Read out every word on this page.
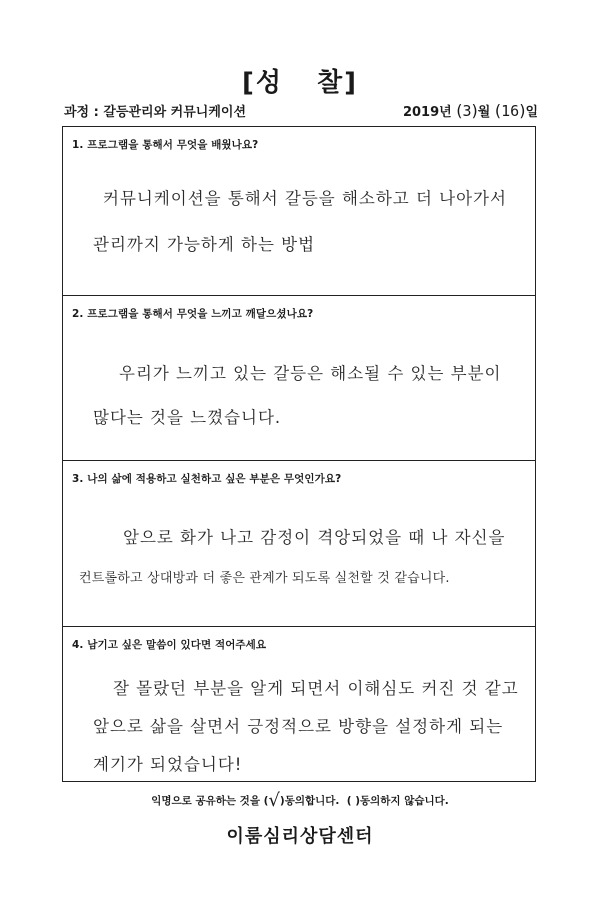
[성 찰]
과정 : 갈등관리와 커뮤니케이션	2019년 (3)월 (16)일
1. 프로그램을 통해서 무엇을 배웠나요?
커뮤니케이션을 통해서 갈등을 해소하고 더 나아가서
관리까지 가능하게 하는 방법
2. 프로그램을 통해서 무엇을 느끼고 깨달으셨나요?
우리가 느끼고 있는 갈등은 해소될 수 있는 부분이
많다는 것을 느꼈습니다.
3. 나의 삶에 적용하고 실천하고 싶은 부분은 무엇인가요?
앞으로 화가 나고 감정이 격앙되었을 때 나 자신을
컨트롤하고 상대방과 더 좋은 관계가 되도록 실천할 것 같습니다.
4. 남기고 싶은 말씀이 있다면 적어주세요
잘 몰랐던 부분을 알게 되면서 이해심도 커진 것 같고
앞으로 삶을 살면서 긍정적으로 방향을 설정하게 되는
계기가 되었습니다!
익명으로 공유하는 것을 (√)동의합니다. ( )동의하지 않습니다.
이룸심리상담센터
